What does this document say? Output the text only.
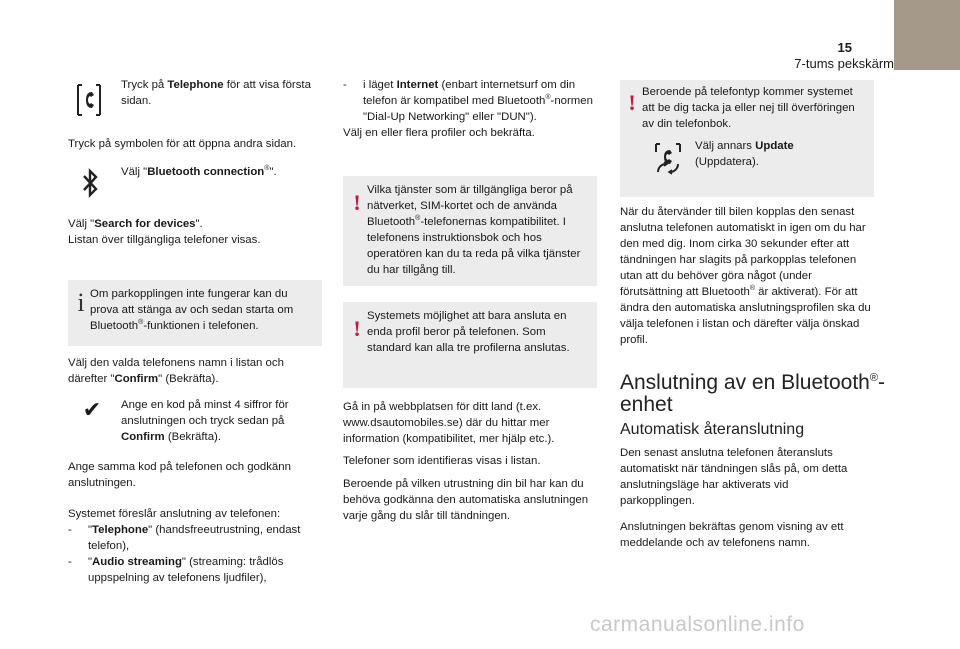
15
7-tums pekskärm

Tryck på Telephone för att visa första sidan.

Tryck på symbolen för att öppna andra sidan.

Välj "Bluetooth connection®".

Välj "Search for devices".
Listan över tillgängliga telefoner visas.

i Om parkopplingen inte fungerar kan du prova att stänga av och sedan starta om Bluetooth®-funktionen i telefonen.

Välj den valda telefonens namn i listan och därefter "Confirm" (Bekräfta).

✔ Ange en kod på minst 4 siffror för anslutningen och tryck sedan på Confirm (Bekräfta).

Ange samma kod på telefonen och godkänn anslutningen.

Systemet föreslår anslutning av telefonen:

-	"Telephone" (handsfreeutrustning, endast telefon),
-	"Audio streaming" (streaming: trådlös uppspelning av telefonens ljudfiler),
-	i läget Internet (enbart internetsurf om din telefon är kompatibel med Bluetooth®-normen "Dial-Up Networking" eller "DUN").

Välj en eller flera profiler och bekräfta.

! Vilka tjänster som är tillgängliga beror på nätverket, SIM-kortet och de använda Bluetooth®-telefonernas kompatibilitet. I telefonens instruktionsbok och hos operatören kan du ta reda på vilka tjänster du har tillgång till.

! Systemets möjlighet att bara ansluta en enda profil beror på telefonen. Som standard kan alla tre profilerna anslutas.

Gå in på webbplatsen för ditt land (t.ex. www.dsautomobiles.se) där du hittar mer information (kompatibilitet, mer hjälp etc.).

Telefoner som identifieras visas i listan.

Beroende på vilken utrustning din bil har kan du behöva godkänna den automatiska anslutningen varje gång du slår till tändningen.

! Beroende på telefontyp kommer systemet att be dig tacka ja eller nej till överföringen av din telefonbok.

Välj annars Update
(Uppdatera).

När du återvänder till bilen kopplas den senast anslutna telefonen automatiskt in igen om du har den med dig. Inom cirka 30 sekunder efter att tändningen har slagits på parkopplas telefonen utan att du behöver göra något (under förutsättning att Bluetooth® är aktiverat). För att ändra den automatiska anslutningsprofilen ska du välja telefonen i listan och därefter välja önskad profil.

Anslutning av en Bluetooth®-enhet
Automatisk återanslutning

Den senast anslutna telefonen återansluts automatiskt när tändningen slås på, om detta anslutningsläge har aktiverats vid parkopplingen.

Anslutningen bekräftas genom visning av ett meddelande och av telefonens namn.

carmanualsonline.info
